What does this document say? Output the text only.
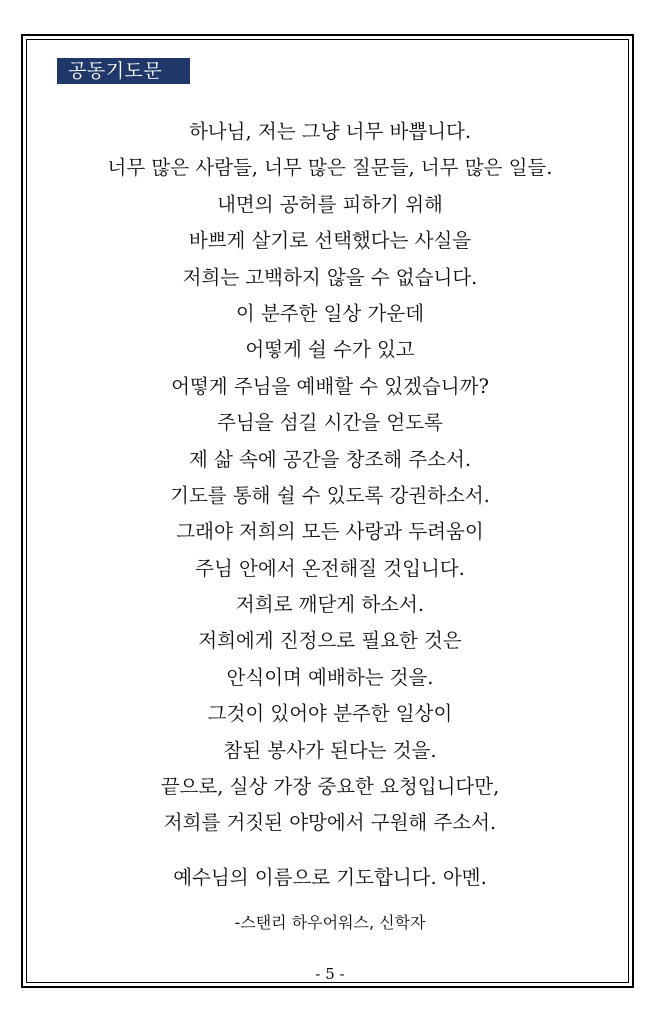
공동기도문
하나님, 저는 그냥 너무 바쁩니다.
너무 많은 사람들, 너무 많은 질문들, 너무 많은 일들.
내면의 공허를 피하기 위해
바쁘게 살기로 선택했다는 사실을
저희는 고백하지 않을 수 없습니다.
이 분주한 일상 가운데
어떻게 쉴 수가 있고
어떻게 주님을 예배할 수 있겠습니까?
주님을 섬길 시간을 얻도록
제 삶 속에 공간을 창조해 주소서.
기도를 통해 쉴 수 있도록 강권하소서.
그래야 저희의 모든 사랑과 두려움이
주님 안에서 온전해질 것입니다.
저희로 깨닫게 하소서.
저희에게 진정으로 필요한 것은
안식이며 예배하는 것을.
그것이 있어야 분주한 일상이
참된 봉사가 된다는 것을.
끝으로, 실상 가장 중요한 요청입니다만,
저희를 거짓된 야망에서 구원해 주소서.
예수님의 이름으로 기도합니다. 아멘.
-스탠리 하우어워스, 신학자
- 5 -
